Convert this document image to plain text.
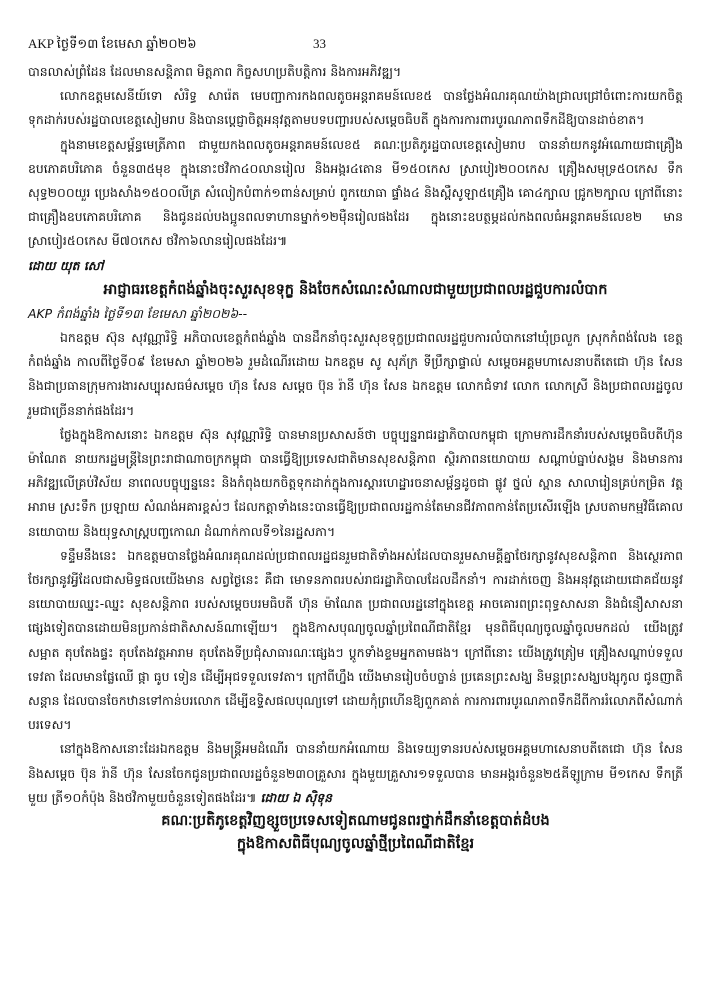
AKP ថ្ងៃទី១៣ ខែមេសា ឆ្នាំ២០២៦	33

បានលាស់ព្រំដែន ដែលមានសន្តិភាព មិត្តភាព កិច្ចសហប្រតិបត្តិការ និងការអភិវឌ្ឍ។

លោកឧត្តមសេនីយ៍ទោ សំរិទ្ធ សារ៉េត មេបញ្ជាការកងពលតូចអន្តរាគមន៍លេខ៥ បានថ្លែងអំណរគុណយ៉ាងជ្រាលជ្រៅចំពោះការយកចិត្តទុកដាក់របស់រដ្ឋបាលខេត្តសៀមរាប និងបានប្តេជ្ញាចិត្តអនុវត្តតាមបទបញ្ជារបស់សម្តេចធិបតី ក្នុងការការពារបូរណភាពទឹកដីឱ្យបានដាច់ខាត។

ក្នុងនាមខេត្តសម្ព័ន្ធមេត្រីភាព ជាមួយកងពលតូចអន្តរាគមន៍លេខ៥ គណៈប្រតិភូរដ្ឋបាលខេត្តសៀមរាប បាននាំយកនូវអំណោយជាគ្រឿងឧបភោគបរិភោគ ចំនួន៣៥មុខ ក្នុងនោះថវិកា៤០លានរៀល និងអង្ករ៤តោន មី១៥០កេស ស្រាបៀរ២០០កេស គ្រឿងសមុទ្រ៥០កេស ទឹកសុទ្ធ២០០យួរ ប្រេងសាំង១៥០០លីត្រ សំលៀកបំពាក់១ពាន់សម្រាប់ ពូកយោធា ផ្ទាំង៤ និងស្ពឺសូឡា៥គ្រឿង គោ៤ក្បាល ជ្រូក២ក្បាល ក្រៅពីនោះជាគ្រឿងឧបភោគបរិភោគ និងជូនដល់បងប្អូនពលទាហានម្នាក់១២មុឺនរៀលផងដែរ ក្នុងនោះឧបត្ថម្ភដល់កងពលធំអន្តរាគមន៍លេខ២ មាន ស្រាបៀរ៥០កេស មី៧០កេស ថវិកា៦លានរៀលផងដែរ៕

ដោយ យុត សៅ

អាជ្ញាធរខេត្តកំពង់ឆ្នាំងចុះសួរសុខទុក្ខ និងចែកសំណេះសំណាលជាមួយប្រជាពលរដ្ឋជួបការលំបាក

AKP កំពង់ឆ្នាំង ថ្ងៃទី១៣ ខែមេសា ឆ្នាំ២០២៦--

ឯកឧត្តម ស៊ុន សុវណ្ណារិទ្ធិ អភិបាលខេត្តកំពង់ឆ្នាំង បានដឹកនាំចុះសួរសុខទុក្ខប្រជាពលរដ្ឋជួបការលំបាកនៅឃុំច្រលួក ស្រុកកំពង់លែង ខេត្តកំពង់ឆ្នាំង កាលពីថ្ងៃទី០៩ ខែមេសា ឆ្នាំ២០២៦ រួមដំណើរដោយ ឯកឧត្តម សូ សុភ័ក្រ ទីប្រឹក្សាផ្ទាល់ សម្តេចអគ្គមហាសេនាបតីតេជោ ហ៊ុន សែន និងជាប្រធានក្រុមការងារសប្បុរសធម៌សម្តេច ហ៊ុន សែន សម្តេច ប៊ុន រ៉ានី ហ៊ុន សែន ឯកឧត្តម លោកជំទាវ លោក លោកស្រី និងប្រជាពលរដ្ឋចូលរួមជាច្រើននាក់ផងដែរ។

ថ្លែងក្នុងឱកាសនោះ ឯកឧត្តម ស៊ុន សុវណ្ណារិទ្ធិ បានមានប្រសាសន៍ថា បច្ចុប្បន្នរាជរដ្ឋាភិបាលកម្ពុជា ក្រោមការដឹកនាំរបស់សម្តេចធិបតីហ៊ុន ម៉ាណែត នាយករដ្ឋមន្ត្រីនៃព្រះរាជាណាចក្រកម្ពុជា បានធ្វើឱ្យប្រទេសជាតិមានសុខសន្តិភាព ស្ថិរភាពនយោបាយ សណ្តាប់ធ្នាប់សង្គម និងមានការអភិវឌ្ឍលើគ្រប់វិស័យ នាពេលបច្ចុប្បន្ននេះ និងកំពុងយកចិត្តទុកដាក់ក្នុងការស្តារហេដ្ឋារចនាសម្ព័ន្ធដូចជា ផ្លូវ ថ្នល់ ស្ពាន សាលារៀនគ្រប់កម្រិត វត្តអារាម ស្រះទឹក ប្រឡាយ សំណង់អគារខ្ពស់ៗ ដែលកត្តាទាំងនេះបានធ្វើឱ្យប្រជាពលរដ្ឋកាន់តែមានជីវភាពកាន់តែប្រសើរឡើង ស្របតាមកម្មវិធីគោលនយោបាយ និងយុទ្ធសាស្ត្របញ្ចកោណ ដំណាក់កាលទី១នៃរដ្ឋសភា។

ទន្ទឹមនឹងនេះ ឯកឧត្តមបានថ្លែងអំណរគុណដល់ប្រជាពលរដ្ឋជនរួមជាតិទាំងអស់ដែលបានរួមសាមគ្គីគ្នាថែរក្សានូវសុខសន្តិភាព និងស្ថេរភាពថែរក្សានូវអ្វីដែលជាសមិទ្ធផលយើងមាន សព្វថ្ងៃនេះ គឺជា មោទនភាពរបស់រាជរដ្ឋាភិបាលដែលដឹកនាំ។ ការដាក់ចេញ និងអនុវត្តដោយជោគជ័យនូវនយោបាយឈ្នះ-ឈ្នះ សុខសន្តិភាព របស់សម្តេចបរមធិបតី ហ៊ុន ម៉ាណែត ប្រជាពលរដ្ឋនៅក្នុងខេត្ត អាចគោរពព្រះពុទ្ធសាសនា និងជំនឿសាសនាផ្សេងទៀតបានដោយមិនប្រកាន់ជាតិសាសន៍ណាឡើយ។ ក្នុងឱកាសបុណ្យចូលឆ្នាំប្រពៃណីជាតិខ្មែរ មុនពិធីបុណ្យចូលឆ្នាំចូលមកដល់ យើងត្រូវសម្អាត តុបតែងផ្ទះ តុបតែងវត្តអារាម តុបតែងទីប្រជុំសាធារណៈផ្សេងៗ ប្តូកទាំងខ្ទមអ្នកតាមផង។ ក្រៅពីនោះ យើងត្រូវត្រៀម គ្រឿងសណ្ដាប់ទទួលទេវតា ដែលមានផ្លែឈើ ផ្កា ធូប ទៀន ដើម្បីអុជទទួលទេវតា។ ក្រៅពីហ្នឹង យើងមានរៀបចំបច្ចាន់ ប្រគេនព្រះសង្ឃ និមន្តព្រះសង្ឃបង្សុកូល ជូនញាតិសន្តាន ដែលបានចែកឋានទៅកាន់បរលោក ដើម្បីឧទ្ទិសផលបុណ្យទៅ ដោយកុំព្រហើនឱ្យពួកគាត់ ការការពារបូរណភាពទឹកដីពីការរំលោភពីសំណាក់បរទេស។

នៅក្នុងឱកាសនោះដែរឯកឧត្តម និងមន្ត្រីអមដំណើរ បាននាំយកអំណោយ និងទេយ្យទានរបស់សម្តេចអគ្គមហាសេនាបតីតេជោ ហ៊ុន សែន និងសម្តេច ប៊ុន រ៉ានី ហ៊ុន សែនចែកជូនប្រជាពលរដ្ឋចំនួន២៣០គ្រួសារ ក្នុងមួយគ្រួសារ១ទទួលបាន មានអង្ករចំនួន២៥គីឡូក្រាម មី១កេស ទឹកត្រីមួយ ត្រី១០កំប៉ុង និងថវិកាមួយចំនួនទៀតផងដែរ៕ ដោយ ឯ ស៊ិទុន

គណៈប្រតិភូខេត្តវិញខ្សួចប្រទេសទៀតណាមជូនពរថ្នាក់ដឹកនាំខេត្តបាត់ដំបង

ក្នុងឱកាសពិធីបុណ្យចូលឆ្នាំថ្មីប្រពៃណីជាតិខ្មែរ
